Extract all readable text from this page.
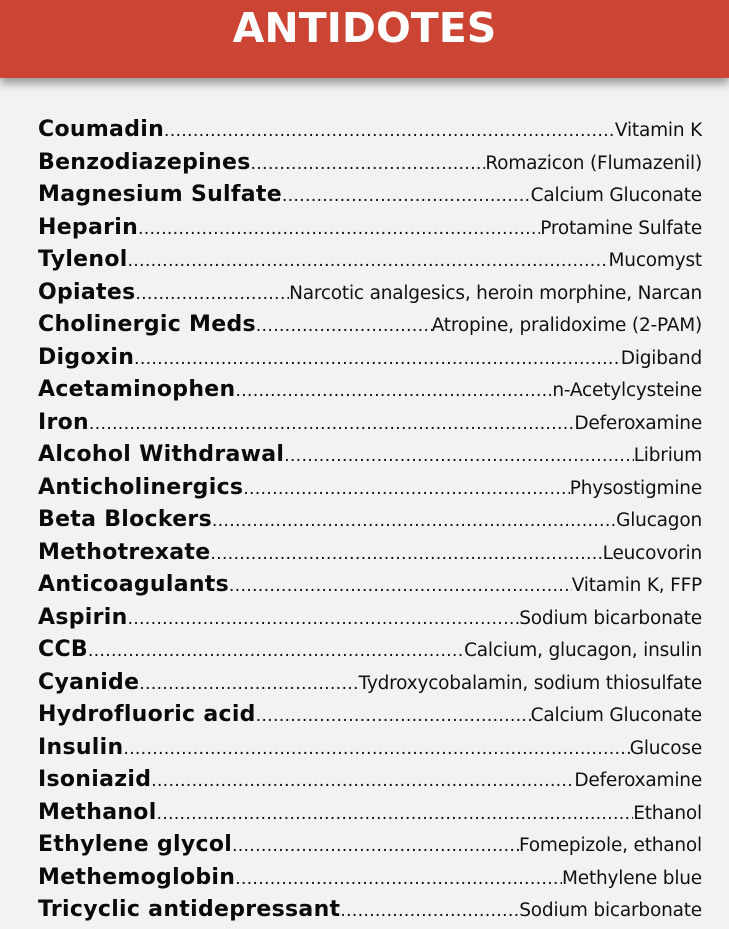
ANTIDOTES
Coumadin .....	Vitamin K
Benzodiazepines .....	Romazicon (Flumazenil)
Magnesium Sulfate .....	Calcium Gluconate
Heparin .....	Protamine Sulfate
Tylenol .....	Mucomyst
Opiates .....	Narcotic analgesics, heroin morphine, Narcan
Cholinergic Meds .....	Atropine, pralidoxime (2-PAM)
Digoxin .....	Digiband
Acetaminophen .....	n-Acetylcysteine
Iron .....	Deferoxamine
Alcohol Withdrawal .....	Librium
Anticholinergics .....	Physostigmine
Beta Blockers .....	Glucagon
Methotrexate .....	Leucovorin
Anticoagulants .....	Vitamin K, FFP
Aspirin .....	Sodium bicarbonate
CCB .....	Calcium, glucagon, insulin
Cyanide .....	Tydroxycobalamin, sodium thiosulfate
Hydrofluoric acid .....	Calcium Gluconate
Insulin .....	Glucose
Isoniazid .....	Deferoxamine
Methanol .....	Ethanol
Ethylene glycol .....	Fomepizole, ethanol
Methemoglobin .....	Methylene blue
Tricyclic antidepressant .....	Sodium bicarbonate
